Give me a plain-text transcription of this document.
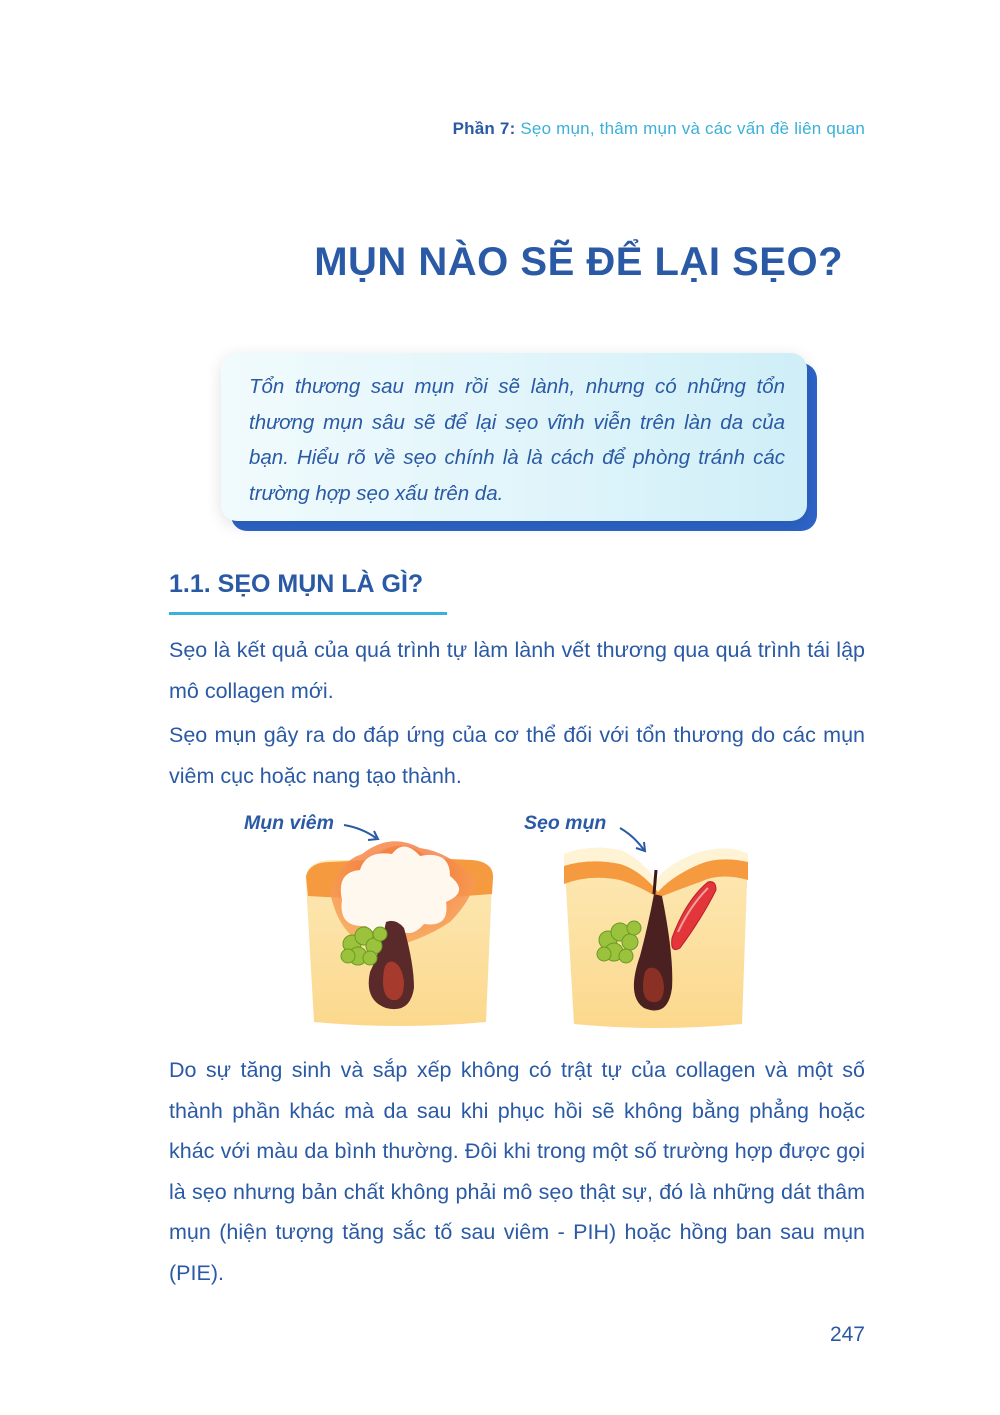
Phần 7: Sẹo mụn, thâm mụn và các vấn đề liên quan
MỤN NÀO SẼ ĐỂ LẠI SẸO?

Tổn thương sau mụn rồi sẽ lành, nhưng có những tổn thương mụn sâu sẽ để lại sẹo vĩnh viễn trên làn da của bạn. Hiểu rõ về sẹo chính là là cách để phòng tránh các trường hợp sẹo xấu trên da.

1.1. SẸO MỤN LÀ GÌ?

Sẹo là kết quả của quá trình tự làm lành vết thương qua quá trình tái lập mô collagen mới.

Sẹo mụn gây ra do đáp ứng của cơ thể đối với tổn thương do các mụn viêm cục hoặc nang tạo thành.

Mụn viêm	Sẹo mụn

Do sự tăng sinh và sắp xếp không có trật tự của collagen và một số thành phần khác mà da sau khi phục hồi sẽ không bằng phẳng hoặc khác với màu da bình thường. Đôi khi trong một số trường hợp được gọi là sẹo nhưng bản chất không phải mô sẹo thật sự, đó là những dát thâm mụn (hiện tượng tăng sắc tố sau viêm - PIH) hoặc hồng ban sau mụn (PIE).

247
